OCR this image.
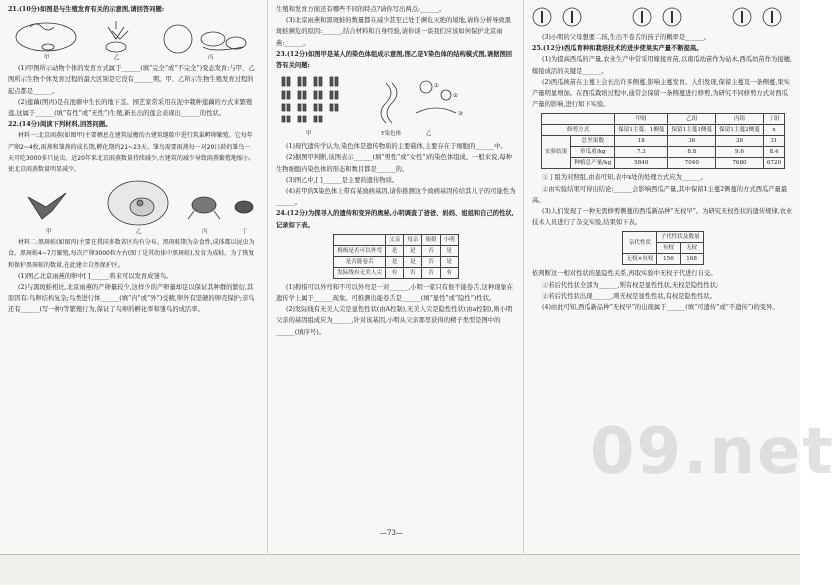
21.(10分)如图是与生殖发育有关的示意图,请回答问题:

甲	乙	丙

(1)甲图所示动物个体的发育方式属于______(填“完全”或“不完全”)变态发育;与甲、乙图所示生物个体发育过程的最大区别是它没有______期。甲、乙所示生物生殖发育过程的起点都是______。

(2)莲藕(图丙)是在池塘中生长的地下茎。园艺家常采用在泥中栽种莲藕的方式来繁殖莲,这属于______(填“有性”或“无性”)生殖,新长出的莲会表现出______的性状。

22.(14分)阅读下列材料,回答问题。

材料一:北京雨燕(如图甲)主要栖息在建筑屋檐的古建筑缝隙中进行筑巢孵卵繁殖。它每年产卵2~4枚,雨燕和雏燕的成长期,孵化期约21~23天。雏鸟需要雨燕每一对20日龄的雏鸟一天可吃3000多只昆虫。近20年来北京雨燕数量持续减少,古建筑的减少导致雨燕繁殖地缩小,使北京雨燕数量明显减少。

甲	乙	丙	丁

材料二:黑斑蛙(如图丙)主要在我国多数省区均有分布。黑斑蛙期为杂食性,成体都以昆虫为食。黑斑蛙4~7月繁殖,每次产卵3000粒左右(图丁是其幼体中黑斑蛙),发育为成蛙。为了恢复和保护黑斑蛙的数量,在此建立自然保护区。

(1)图乙北京雨燕的卵中[ ]______将来可以发育成雏鸟。

(2)与黑斑蛙相比,北京雨燕的产卵量较少,这样少的产卵量却足以保证其种群的繁衍,其原因有:鸟卵结构复杂;鸟类进行体______(填“内”或“外”)受精,卵外有坚硬的卵壳保护;亲鸟还有______(写一种)等繁殖行为,保证了鸟卵的孵化率和雏鸟的成活率。

生殖和发育方面还有哪些不同的特点?请你写出两点:______。

(3)北京雨燕和黑斑蛙的数量都在减少甚至已处于濒危灭绝的境地,请你分析导致黑斑蛙濒危的原因:______,结合材料和自身经验,请你谈一谈我们应该如何保护北京雨燕:______。

23.(12分)如图甲是某人的染色体组成示意图,图乙是Y染色体的结构模式图,请据图回答有关问题:

甲	乙
Y染色体
①
②
③

(1)现代遗传学认为,染色体是遗传物质的主要载体,主要存在于细胞的______中。

(2)据图甲判断,该图表示______(填“男性”或“女性”)的染色体组成。一般来说,每种生物细胞内染色体的形态和数目都是______的。

(3)图乙中,[ ]______是主要的遗传物质。

(4)若甲的X染色体上带有某致病基因,请你推测这个致病基因传给其儿子的可能性为______。

24.(12分)为探寻人的遗传和变异的奥秘,小明调查了爸爸、妈妈、姐姐和自己的性状,记录如下表。

	父亲	母亲	姐姐	小明
拇指是否可以外弯	是	是	否	是
是否能卷舌	是	是	否	是
发际线有无美人尖	有	否	否	有

(1)拇指可以外弯和不可以外弯是一对______,小明一家只有他不能卷舌,这种现象在遗传学上属于______现象。可推测出能卷舌是______(填“显性”或“隐性”)性状。

(2)发际线有无美人尖是显性性状(由A控制),无美人尖是隐性性状(由a控制),则小明父亲的基因组成应为______,针对该基因,小明从父亲那里获得的精子类型是图中的______(填序号)。

(3)小明的父母想要二孩,生出不卷舌的孩子的概率是______。

25.(12分)西瓜育种和栽培技术的进步使果实产量不断提高。

(1)为提高西瓜的产量,农业生产中常采用嫁接育苗,以南瓜幼苗作为砧木,西瓜幼苗作为接穗,嫁接成活的关键是______。

(2)西瓜秧苗在主蔓上会长出许多侧蔓,影响主蔓发育。人们发现,保留主蔓及一条侧蔓,果实产量明显增加。在西瓜栽培过程中,通常会保留一条侧蔓进行修剪,为研究不同修剪方式对西瓜产量的影响,进行如下实验。

		甲组	乙组	丙组	丁组
修剪方式		保留1主蔓、1侧蔓	保留1主蔓1侧蔓	保留1主蔓2侧蔓	x
实验结果	总坐果数	18	36	38	31
	单瓜重/kg	7.3	8.8	9.6	8.4
	种植总产量/kg	5840	7040	7680	6720

①丁组为对照组,由表可知,表中x处的处理方式应为______。

②由实验结果可得出结论:______会影响西瓜产量,其中保留1主蔓2侧蔓的方式西瓜产量最高。

(3)人们发现了一种无需修剪侧蔓的西瓜新品种“无杈早”。为研究无杈性状的遗传规律,农业技术人员进行了杂交实验,结果如下表。

亲代性状	子代性状及数量	
	有杈	无杈
无杈×有杈	156	168

依判断这一相对性状的显隐性关系,再取实验中无杈子代进行自交。

①若后代性状全部为______,则有杈是显性性状,无杈是隐性性状;

②若后代性状出现______,则无杈是显性性状,有杈是隐性性状。

(4)由此可知,西瓜新品种“无杈早”的出现属于______(填“可遗传”或“不遗传”)的变异。

09.net
—73—
